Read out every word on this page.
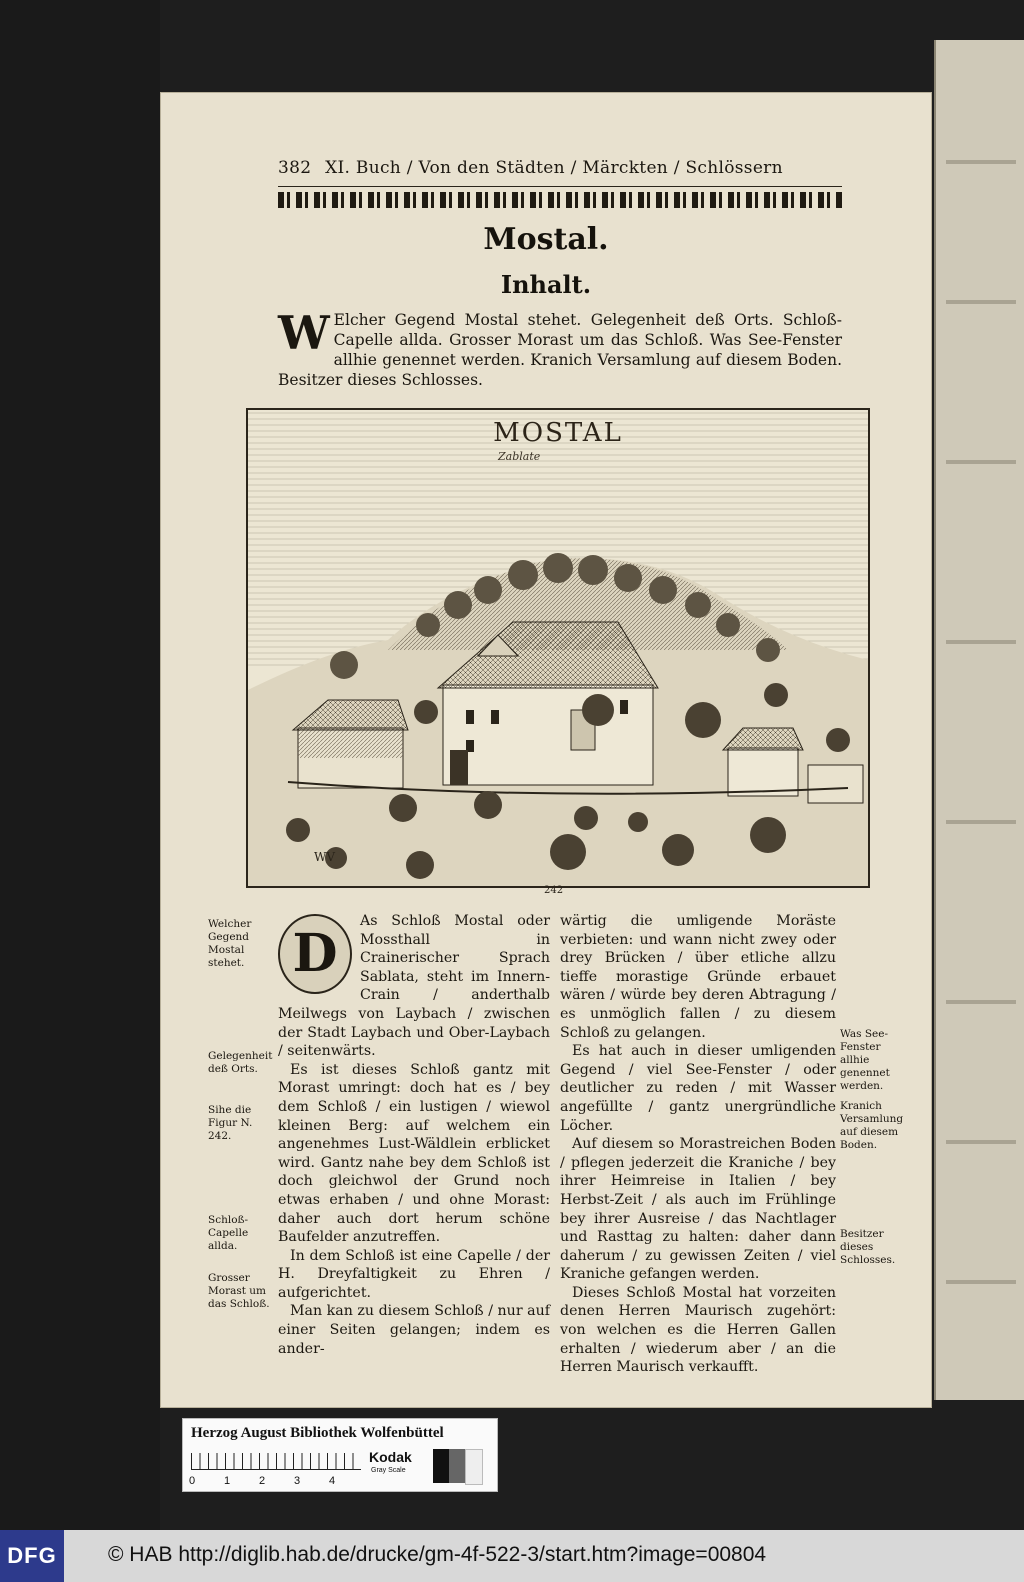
382 XI. Buch / Von den Städten / Märckten / Schlössern
Mostal.
Inhalt.
W Elcher Gegend Mostal stehet. Gelegenheit deß Orts. Schloß-Capelle allda. Grosser Morast um das Schloß. Was See-Fenster allhie genennet werden. Kranich Versamlung auf diesem Boden. Besitzer dieses Schlosses.
MOSTAL
Zablate
WV
242
Welcher Gegend Mostal stehet.
Gelegenheit deß Orts.
Sihe die Figur N. 242.
Schloß-Capelle allda.
Grosser Morast um das Schloß.
D

As Schloß Mostal oder Mossthall in Crainerischer Sprach Sablata, steht im Innern-Crain / anderthalb Meilwegs von Laybach / zwischen der Stadt Laybach und Ober-Laybach / seitenwärts.

Es ist dieses Schloß gantz mit Morast umringt: doch hat es / bey dem Schloß / ein lustigen / wiewol kleinen Berg: auf welchem ein angenehmes Lust-Wäldlein erblicket wird. Gantz nahe bey dem Schloß ist doch gleichwol der Grund noch etwas erhaben / und ohne Morast: daher auch dort herum schöne Baufelder anzutreffen.

In dem Schloß ist eine Capelle / der H. Dreyfaltigkeit zu Ehren / aufgerichtet.

Man kan zu diesem Schloß / nur auf einer Seiten gelangen; indem es ander-

wärtig die umligende Moräste verbieten: und wann nicht zwey oder drey Brücken / über etliche allzu tieffe morastige Gründe erbauet wären / würde bey deren Abtragung / es unmöglich fallen / zu diesem Schloß zu gelangen.

Es hat auch in dieser umligenden Gegend / viel See-Fenster / oder deutlicher zu reden / mit Wasser angefüllte / gantz unergründliche Löcher.

Auf diesem so Morastreichen Boden / pflegen jederzeit die Kraniche / bey ihrer Heimreise in Italien / bey Herbst-Zeit / als auch im Frühlinge bey ihrer Ausreise / das Nachtlager und Rasttag zu halten: daher dann daherum / zu gewissen Zeiten / viel Kraniche gefangen werden.

Dieses Schloß Mostal hat vorzeiten denen Herren Maurisch zugehört: von welchen es die Herren Gallen erhalten / wiederum aber / an die Herren Maurisch verkaufft.

Was See-Fenster allhie genennet werden.
Kranich Versamlung auf diesem Boden.
Besitzer dieses Schlosses.
Herzog August Bibliothek Wolfenbüttel
0	1	2	3	4
Kodak
Gray Scale
DFG	© HAB http://diglib.hab.de/drucke/gm-4f-522-3/start.htm?image=00804
